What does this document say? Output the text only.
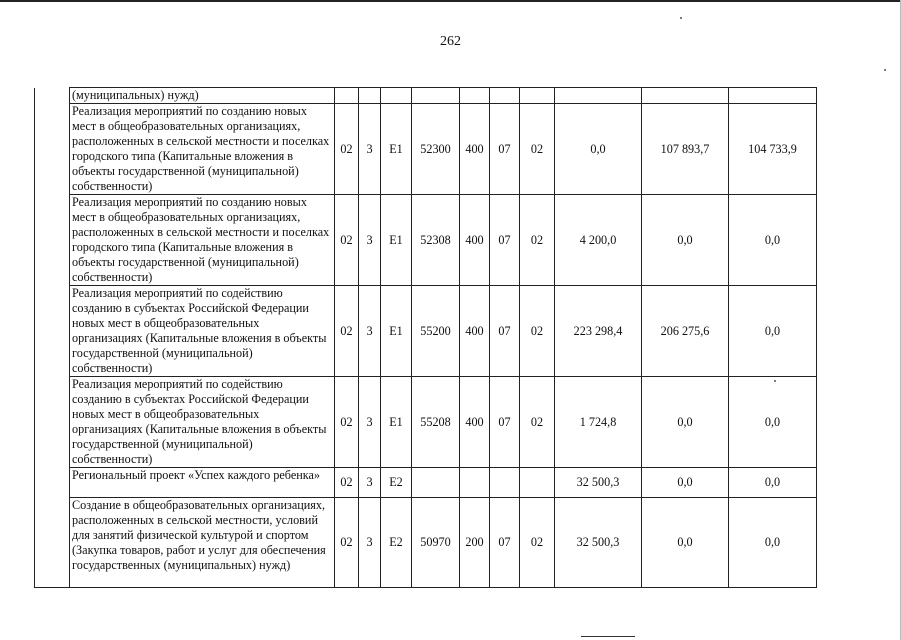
262
	(муниципальных) нужд)										
	Реализация мероприятий по созданию новых мест в общеобразовательных организациях, расположенных в сельской местности и поселках городского типа (Капитальные вложения в объекты государственной (муниципальной) собственности)	02	3	E1	52300	400	07	02	0,0	107 893,7	104 733,9
	Реализация мероприятий по созданию новых мест в общеобразовательных организациях, расположенных в сельской местности и поселках городского типа (Капитальные вложения в объекты государственной (муниципальной) собственности)	02	3	E1	52308	400	07	02	4 200,0	0,0	0,0
	Реализация мероприятий по содействию созданию в субъектах Российской Федерации новых мест в общеобразовательных организациях (Капитальные вложения в объекты государственной (муниципальной) собственности)	02	3	E1	55200	400	07	02	223 298,4	206 275,6	0,0
	Реализация мероприятий по содействию созданию в субъектах Российской Федерации новых мест в общеобразовательных организациях (Капитальные вложения в объекты государственной (муниципальной) собственности)	02	3	E1	55208	400	07	02	1 724,8	0,0	0,0
	Региональный проект «Успех каждого ребенка»	02	3	E2					32 500,3	0,0	0,0
	Создание в общеобразовательных организациях, расположенных в сельской местности, условий для занятий физической культурой и спортом (Закупка товаров, работ и услуг для обеспечения государственных (муниципальных) нужд)	02	3	E2	50970	200	07	02	32 500,3	0,0	0,0
